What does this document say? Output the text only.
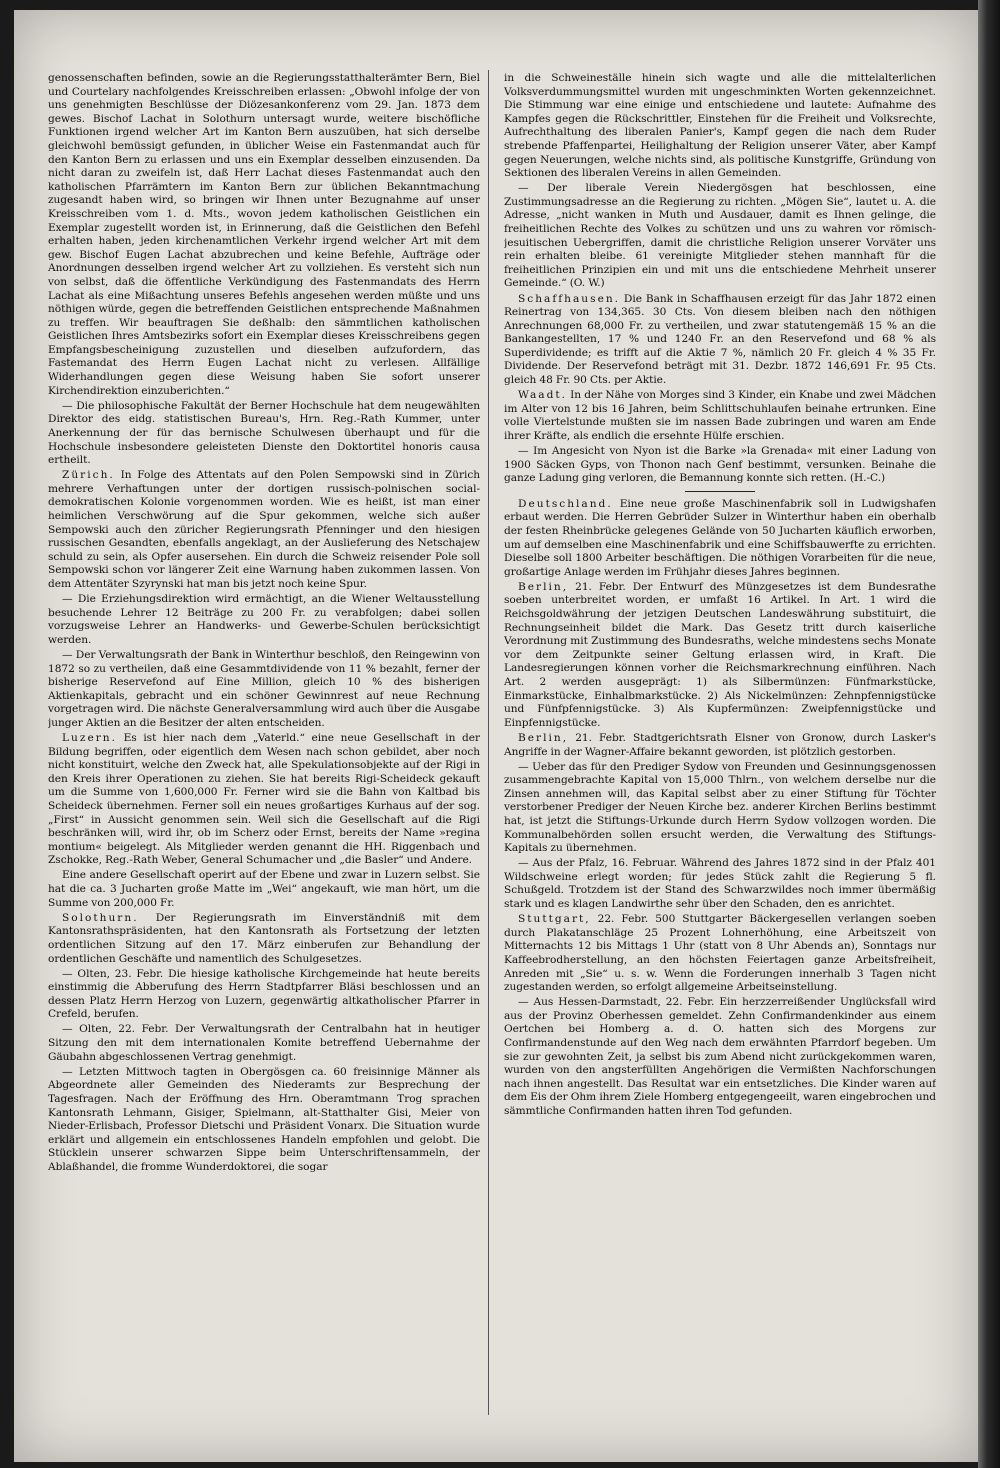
genossenschaften befinden, sowie an die Regierungsstatthalterämter Bern, Biel und Courtelary nachfolgendes Kreisschreiben erlassen: „Obwohl infolge der von uns genehmigten Beschlüsse der Diözesankonferenz vom 29. Jan. 1873 dem gewes. Bischof Lachat in Solothurn untersagt wurde, weitere bischöfliche Funktionen irgend welcher Art im Kanton Bern auszuüben, hat sich derselbe gleichwohl bemüssigt gefunden, in üblicher Weise ein Fastenmandat auch für den Kanton Bern zu erlassen und uns ein Exemplar desselben einzusenden. Da nicht daran zu zweifeln ist, daß Herr Lachat dieses Fastenmandat auch den katholischen Pfarrämtern im Kanton Bern zur üblichen Bekanntmachung zugesandt haben wird, so bringen wir Ihnen unter Bezugnahme auf unser Kreisschreiben vom 1. d. Mts., wovon jedem katholischen Geistlichen ein Exemplar zugestellt worden ist, in Erinnerung, daß die Geistlichen den Befehl erhalten haben, jeden kirchenamtlichen Verkehr irgend welcher Art mit dem gew. Bischof Eugen Lachat abzubrechen und keine Befehle, Aufträge oder Anordnungen desselben irgend welcher Art zu vollziehen. Es versteht sich nun von selbst, daß die öffentliche Verkündigung des Fastenmandats des Herrn Lachat als eine Mißachtung unseres Befehls angesehen werden müßte und uns nöthigen würde, gegen die betreffenden Geistlichen entsprechende Maßnahmen zu treffen. Wir beauftragen Sie deßhalb: den sämmtlichen katholischen Geistlichen Ihres Amtsbezirks sofort ein Exemplar dieses Kreisschreibens gegen Empfangsbescheinigung zuzustellen und dieselben aufzufordern, das Fastemandat des Herrn Eugen Lachat nicht zu verlesen. Allfällige Widerhandlungen gegen diese Weisung haben Sie sofort unserer Kirchendirektion einzuberichten.“

— Die philosophische Fakultät der Berner Hochschule hat dem neugewählten Direktor des eidg. statistischen Bureau's, Hrn. Reg.-Rath Kummer, unter Anerkennung der für das bernische Schulwesen überhaupt und für die Hochschule insbesondere geleisteten Dienste den Doktortitel honoris causa ertheilt.

Zürich. In Folge des Attentats auf den Polen Sempowski sind in Zürich mehrere Verhaftungen unter der dortigen russisch-polnischen social-demokratischen Kolonie vorgenommen worden. Wie es heißt, ist man einer heimlichen Verschwörung auf die Spur gekommen, welche sich außer Sempowski auch den züricher Regierungsrath Pfenninger und den hiesigen russischen Gesandten, ebenfalls angeklagt, an der Auslieferung des Netschajew schuld zu sein, als Opfer ausersehen. Ein durch die Schweiz reisender Pole soll Sempowski schon vor längerer Zeit eine Warnung haben zukommen lassen. Von dem Attentäter Szyrynski hat man bis jetzt noch keine Spur.

— Die Erziehungsdirektion wird ermächtigt, an die Wiener Weltausstellung besuchende Lehrer 12 Beiträge zu 200 Fr. zu verabfolgen; dabei sollen vorzugsweise Lehrer an Handwerks- und Gewerbe-Schulen berücksichtigt werden.

— Der Verwaltungsrath der Bank in Winterthur beschloß, den Reingewinn von 1872 so zu vertheilen, daß eine Gesammtdividende von 11 % bezahlt, ferner der bisherige Reservefond auf Eine Million, gleich 10 % des bisherigen Aktienkapitals, gebracht und ein schöner Gewinnrest auf neue Rechnung vorgetragen wird. Die nächste Generalversammlung wird auch über die Ausgabe junger Aktien an die Besitzer der alten entscheiden.

Luzern. Es ist hier nach dem „Vaterld.“ eine neue Gesellschaft in der Bildung begriffen, oder eigentlich dem Wesen nach schon gebildet, aber noch nicht konstituirt, welche den Zweck hat, alle Spekulationsobjekte auf der Rigi in den Kreis ihrer Operationen zu ziehen. Sie hat bereits Rigi-Scheideck gekauft um die Summe von 1,600,000 Fr. Ferner wird sie die Bahn von Kaltbad bis Scheideck übernehmen. Ferner soll ein neues großartiges Kurhaus auf der sog. „First“ in Aussicht genommen sein. Weil sich die Gesellschaft auf die Rigi beschränken will, wird ihr, ob im Scherz oder Ernst, bereits der Name »regina montium« beigelegt. Als Mitglieder werden genannt die HH. Riggenbach und Zschokke, Reg.-Rath Weber, General Schumacher und „die Basler“ und Andere.

Eine andere Gesellschaft operirt auf der Ebene und zwar in Luzern selbst. Sie hat die ca. 3 Jucharten große Matte im „Wei“ angekauft, wie man hört, um die Summe von 200,000 Fr.

Solothurn. Der Regierungsrath im Einverständniß mit dem Kantonsrathspräsidenten, hat den Kantonsrath als Fortsetzung der letzten ordentlichen Sitzung auf den 17. März einberufen zur Behandlung der ordentlichen Geschäfte und namentlich des Schulgesetzes.

— Olten, 23. Febr. Die hiesige katholische Kirchgemeinde hat heute bereits einstimmig die Abberufung des Herrn Stadtpfarrer Bläsi beschlossen und an dessen Platz Herrn Herzog von Luzern, gegenwärtig altkatholischer Pfarrer in Crefeld, berufen.

— Olten, 22. Febr. Der Verwaltungsrath der Centralbahn hat in heutiger Sitzung den mit dem internationalen Komite betreffend Uebernahme der Gäubahn abgeschlossenen Vertrag genehmigt.

— Letzten Mittwoch tagten in Obergösgen ca. 60 freisinnige Männer als Abgeordnete aller Gemeinden des Niederamts zur Besprechung der Tagesfragen. Nach der Eröffnung des Hrn. Oberamtmann Trog sprachen Kantonsrath Lehmann, Gisiger, Spielmann, alt-Statthalter Gisi, Meier von Nieder-Erlisbach, Professor Dietschi und Präsident Vonarx. Die Situation wurde erklärt und allgemein ein entschlossenes Handeln empfohlen und gelobt. Die Stücklein unserer schwarzen Sippe beim Unterschriftensammeln, der Ablaßhandel, die fromme Wunderdoktorei, die sogar

in die Schweineställe hinein sich wagte und alle die mittelalterlichen Volksverdummungsmittel wurden mit ungeschminkten Worten gekennzeichnet. Die Stimmung war eine einige und entschiedene und lautete: Aufnahme des Kampfes gegen die Rückschrittler, Einstehen für die Freiheit und Volksrechte, Aufrechthaltung des liberalen Panier's, Kampf gegen die nach dem Ruder strebende Pfaffenpartei, Heilighaltung der Religion unserer Väter, aber Kampf gegen Neuerungen, welche nichts sind, als politische Kunstgriffe, Gründung von Sektionen des liberalen Vereins in allen Gemeinden.

— Der liberale Verein Niedergösgen hat beschlossen, eine Zustimmungsadresse an die Regierung zu richten. „Mögen Sie“, lautet u. A. die Adresse, „nicht wanken in Muth und Ausdauer, damit es Ihnen gelinge, die freiheitlichen Rechte des Volkes zu schützen und uns zu wahren vor römisch-jesuitischen Uebergriffen, damit die christliche Religion unserer Vorväter uns rein erhalten bleibe. 61 vereinigte Mitglieder stehen mannhaft für die freiheitlichen Prinzipien ein und mit uns die entschiedene Mehrheit unserer Gemeinde.“ (O. W.)

Schaffhausen. Die Bank in Schaffhausen erzeigt für das Jahr 1872 einen Reinertrag von 134,365. 30 Cts. Von diesem bleiben nach den nöthigen Anrechnungen 68,000 Fr. zu vertheilen, und zwar statutengemäß 15 % an die Bankangestellten, 17 % und 1240 Fr. an den Reservefond und 68 % als Superdividende; es trifft auf die Aktie 7 %, nämlich 20 Fr. gleich 4 % 35 Fr. Dividende. Der Reservefond beträgt mit 31. Dezbr. 1872 146,691 Fr. 95 Cts. gleich 48 Fr. 90 Cts. per Aktie.

Waadt. In der Nähe von Morges sind 3 Kinder, ein Knabe und zwei Mädchen im Alter von 12 bis 16 Jahren, beim Schlittschuhlaufen beinahe ertrunken. Eine volle Viertelstunde mußten sie im nassen Bade zubringen und waren am Ende ihrer Kräfte, als endlich die ersehnte Hülfe erschien.

— Im Angesicht von Nyon ist die Barke »la Grenada« mit einer Ladung von 1900 Säcken Gyps, von Thonon nach Genf bestimmt, versunken. Beinahe die ganze Ladung ging verloren, die Bemannung konnte sich retten. (H.-C.)

Deutschland. Eine neue große Maschinenfabrik soll in Ludwigshafen erbaut werden. Die Herren Gebrüder Sulzer in Winterthur haben ein oberhalb der festen Rheinbrücke gelegenes Gelände von 50 Jucharten käuflich erworben, um auf demselben eine Maschinenfabrik und eine Schiffsbauwerfte zu errichten. Dieselbe soll 1800 Arbeiter beschäftigen. Die nöthigen Vorarbeiten für die neue, großartige Anlage werden im Frühjahr dieses Jahres beginnen.

Berlin, 21. Febr. Der Entwurf des Münzgesetzes ist dem Bundesrathe soeben unterbreitet worden, er umfaßt 16 Artikel. In Art. 1 wird die Reichsgoldwährung der jetzigen Deutschen Landeswährung substituirt, die Rechnungseinheit bildet die Mark. Das Gesetz tritt durch kaiserliche Verordnung mit Zustimmung des Bundesraths, welche mindestens sechs Monate vor dem Zeitpunkte seiner Geltung erlassen wird, in Kraft. Die Landesregierungen können vorher die Reichsmarkrechnung einführen. Nach Art. 2 werden ausgeprägt: 1) als Silbermünzen: Fünfmarkstücke, Einmarkstücke, Einhalbmarkstücke. 2) Als Nickelmünzen: Zehnpfennigstücke und Fünfpfennigstücke. 3) Als Kupfermünzen: Zweipfennigstücke und Einpfennigstücke.

Berlin, 21. Febr. Stadtgerichtsrath Elsner von Gronow, durch Lasker's Angriffe in der Wagner-Affaire bekannt geworden, ist plötzlich gestorben.

— Ueber das für den Prediger Sydow von Freunden und Gesinnungsgenossen zusammengebrachte Kapital von 15,000 Thlrn., von welchem derselbe nur die Zinsen annehmen will, das Kapital selbst aber zu einer Stiftung für Töchter verstorbener Prediger der Neuen Kirche bez. anderer Kirchen Berlins bestimmt hat, ist jetzt die Stiftungs-Urkunde durch Herrn Sydow vollzogen worden. Die Kommunalbehörden sollen ersucht werden, die Verwaltung des Stiftungs-Kapitals zu übernehmen.

— Aus der Pfalz, 16. Februar. Während des Jahres 1872 sind in der Pfalz 401 Wildschweine erlegt worden; für jedes Stück zahlt die Regierung 5 fl. Schußgeld. Trotzdem ist der Stand des Schwarzwildes noch immer übermäßig stark und es klagen Landwirthe sehr über den Schaden, den es anrichtet.

Stuttgart, 22. Febr. 500 Stuttgarter Bäckergesellen verlangen soeben durch Plakatanschläge 25 Prozent Lohnerhöhung, eine Arbeitszeit von Mitternachts 12 bis Mittags 1 Uhr (statt von 8 Uhr Abends an), Sonntags nur Kaffeebrodherstellung, an den höchsten Feiertagen ganze Arbeitsfreiheit, Anreden mit „Sie“ u. s. w. Wenn die Forderungen innerhalb 3 Tagen nicht zugestanden werden, so erfolgt allgemeine Arbeitseinstellung.

— Aus Hessen-Darmstadt, 22. Febr. Ein herzzerreißender Unglücksfall wird aus der Provinz Oberhessen gemeldet. Zehn Confirmandenkinder aus einem Oertchen bei Homberg a. d. O. hatten sich des Morgens zur Confirmandenstunde auf den Weg nach dem erwähnten Pfarrdorf begeben. Um sie zur gewohnten Zeit, ja selbst bis zum Abend nicht zurückgekommen waren, wurden von den angsterfüllten Angehörigen die Vermißten Nachforschungen nach ihnen angestellt. Das Resultat war ein entsetzliches. Die Kinder waren auf dem Eis der Ohm ihrem Ziele Homberg entgegengeeilt, waren eingebrochen und sämmtliche Confirmanden hatten ihren Tod gefunden.
